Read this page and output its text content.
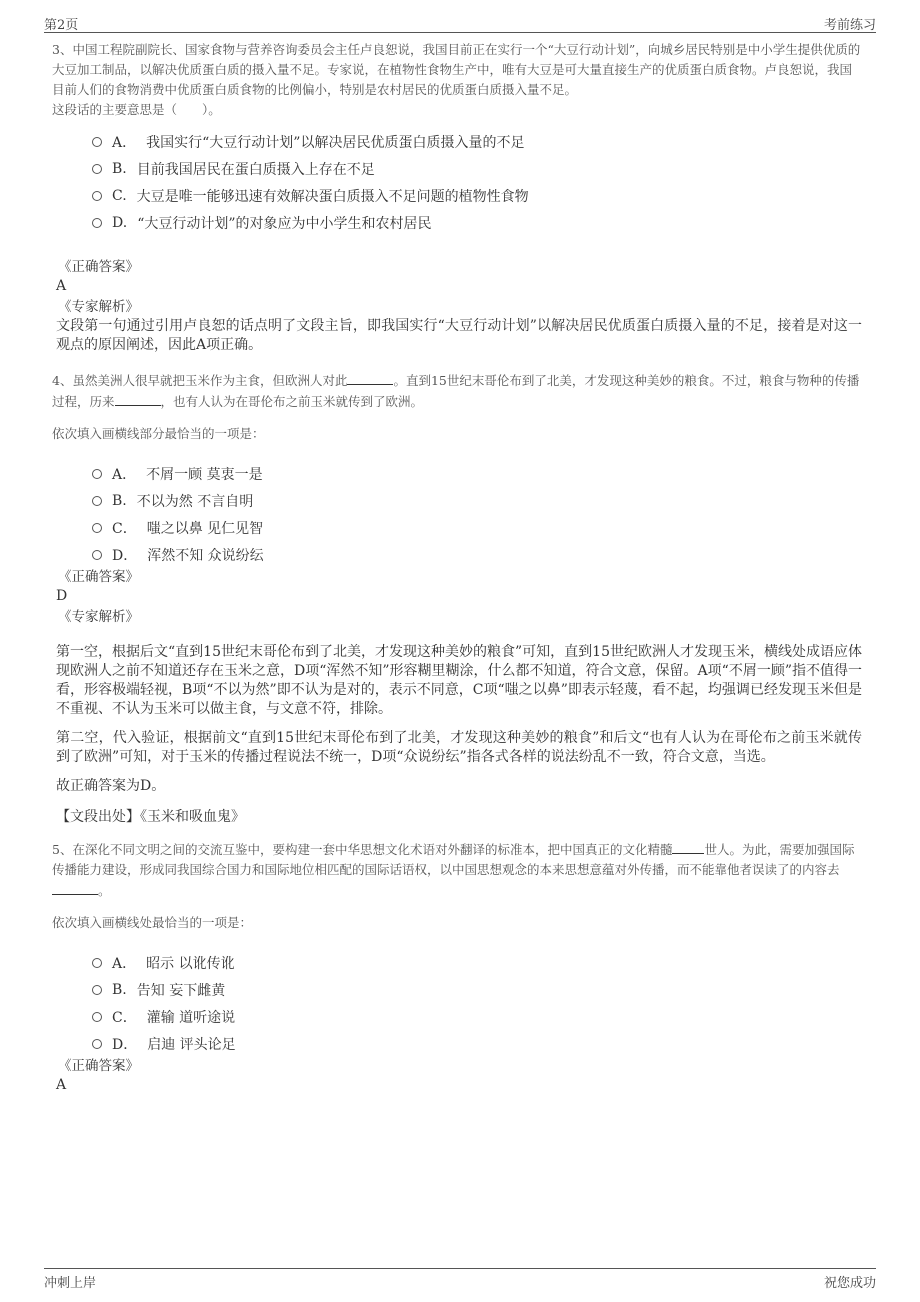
第2页	考前练习

3、中国工程院副院长、国家食物与营养咨询委员会主任卢良恕说，我国目前正在实行一个“大豆行动计划”，向城乡居民特别是中小学生提供优质的大豆加工制品，以解决优质蛋白质的摄入量不足。专家说，在植物性食物生产中，唯有大豆是可大量直接生产的优质蛋白质食物。卢良恕说，我国目前人们的食物消费中优质蛋白质食物的比例偏小，特别是农村居民的优质蛋白质摄入量不足。

这段话的主要意思是（　　）。

A． 我国实行“大豆行动计划”以解决居民优质蛋白质摄入量的不足
B. 目前我国居民在蛋白质摄入上存在不足
C. 大豆是唯一能够迅速有效解决蛋白质摄入不足问题的植物性食物
D. “大豆行动计划”的对象应为中小学生和农村居民

《正确答案》

A

《专家解析》

文段第一句通过引用卢良恕的话点明了文段主旨，即我国实行“大豆行动计划”以解决居民优质蛋白质摄入量的不足，接着是对这一观点的原因阐述，因此A项正确。

4、虽然美洲人很早就把玉米作为主食，但欧洲人对此	。直到15世纪末哥伦布到了北美，才发现这种美妙的粮食。不过，粮食与物种的传播过程，历来	，也有人认为在哥伦布之前玉米就传到了欧洲。

依次填入画横线部分最恰当的一项是：

A． 不屑一顾 莫衷一是
B. 不以为然 不言自明
C． 嗤之以鼻 见仁见智
D． 浑然不知 众说纷纭

《正确答案》

D

《专家解析》

第一空，根据后文“直到15世纪末哥伦布到了北美，才发现这种美妙的粮食”可知，直到15世纪欧洲人才发现玉米，横线处成语应体现欧洲人之前不知道还存在玉米之意，D项“浑然不知”形容糊里糊涂，什么都不知道，符合文意，保留。A项“不屑一顾”指不值得一看，形容极端轻视，B项“不以为然”即不认为是对的，表示不同意，C项“嗤之以鼻”即表示轻蔑，看不起，均强调已经发现玉米但是不重视、不认为玉米可以做主食，与文意不符，排除。

第二空，代入验证，根据前文“直到15世纪末哥伦布到了北美，才发现这种美妙的粮食”和后文“也有人认为在哥伦布之前玉米就传到了欧洲”可知，对于玉米的传播过程说法不统一，D项“众说纷纭”指各式各样的说法纷乱不一致，符合文意，当选。

故正确答案为D。

【文段出处】《玉米和吸血鬼》

5、在深化不同文明之间的交流互鉴中，要构建一套中华思想文化术语对外翻译的标准本，把中国真正的文化精髓	世人。为此，需要加强国际传播能力建设，形成同我国综合国力和国际地位相匹配的国际话语权，以中国思想观念的本来思想意蕴对外传播，而不能靠他者误读了的内容去。

依次填入画横线处最恰当的一项是：

A． 昭示 以讹传讹
B. 告知 妄下雌黄
C． 灌输 道听途说
D． 启迪 评头论足

《正确答案》

A

冲刺上岸	祝您成功
